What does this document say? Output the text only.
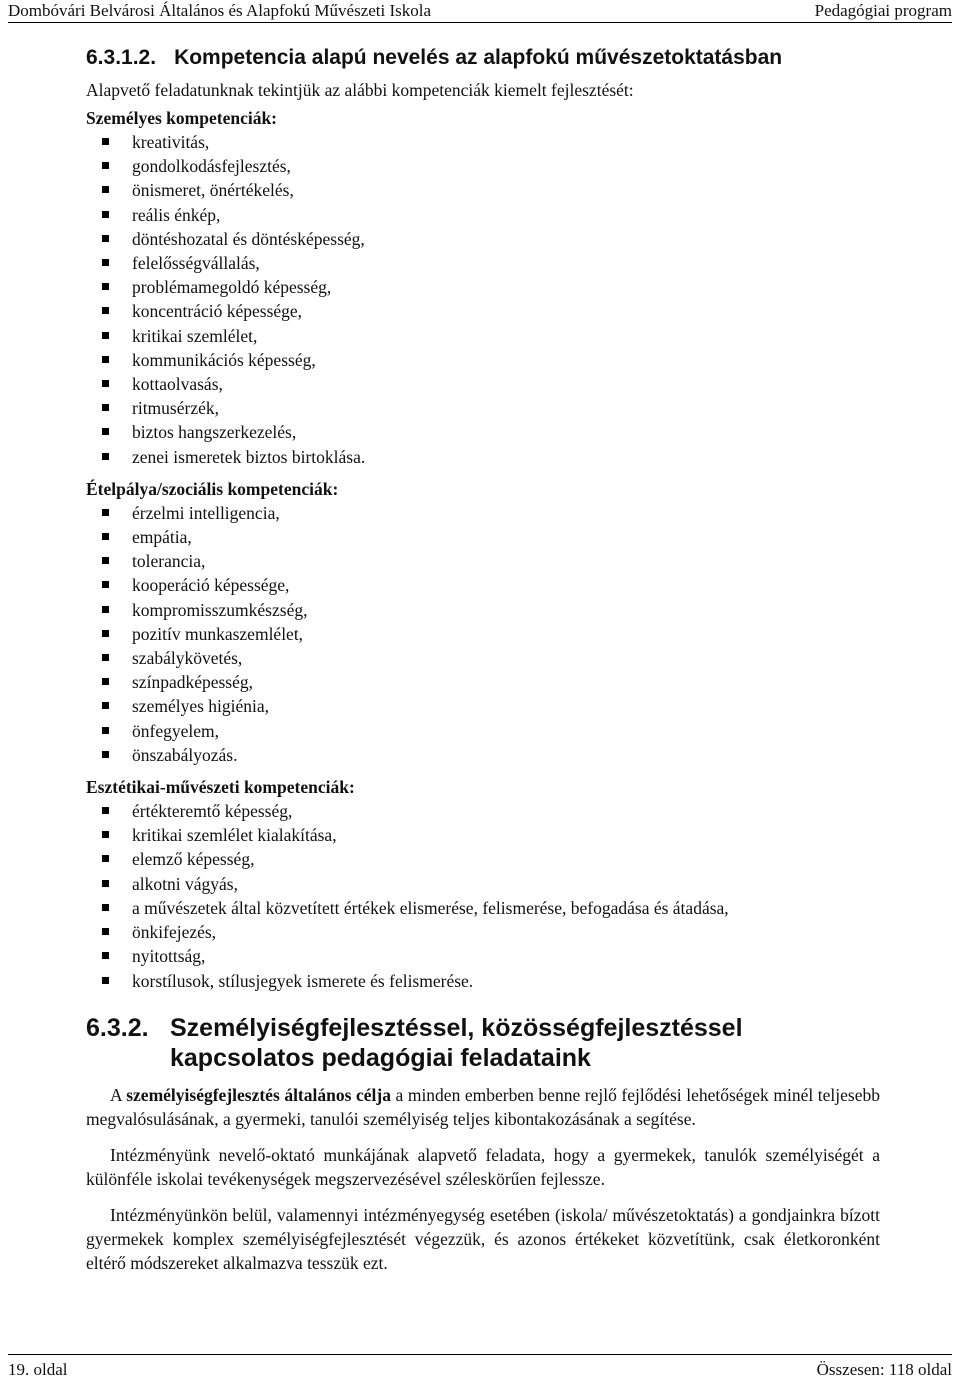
Dombóvári Belvárosi Általános és Alapfokú Művészeti Iskola	Pedagógiai program
6.3.1.2. Kompetencia alapú nevelés az alapfokú művészetoktatásban

Alapvető feladatunknak tekintjük az alábbi kompetenciák kiemelt fejlesztését:

Személyes kompetenciák:
kreativitás,
gondolkodásfejlesztés,
önismeret, önértékelés,
reális énkép,
döntéshozatal és döntésképesség,
felelősségvállalás,
problémamegoldó képesség,
koncentráció képessége,
kritikai szemlélet,
kommunikációs képesség,
kottaolvasás,
ritmusérzék,
biztos hangszerkezelés,
zenei ismeretek biztos birtoklása.
Ételpálya/szociális kompetenciák:
érzelmi intelligencia,
empátia,
tolerancia,
kooperáció képessége,
kompromisszumkészség,
pozitív munkaszemlélet,
szabálykövetés,
színpadképesség,
személyes higiénia,
önfegyelem,
önszabályozás.
Esztétikai-művészeti kompetenciák:
értékteremtő képesség,
kritikai szemlélet kialakítása,
elemző képesség,
alkotni vágyás,
a művészetek által közvetített értékek elismerése, felismerése, befogadása és átadása,
önkifejezés,
nyitottság,
korstílusok, stílusjegyek ismerete és felismerése.
6.3.2. Személyiségfejlesztéssel, közösségfejlesztéssel
kapcsolatos pedagógiai feladataink

A személyiségfejlesztés általános célja a minden emberben benne rejlő fejlődési lehetőségek minél teljesebb megvalósulásának, a gyermeki, tanulói személyiség teljes kibontakozásának a segítése.

Intézményünk nevelő-oktató munkájának alapvető feladata, hogy a gyermekek, tanulók személyiségét a különféle iskolai tevékenységek megszervezésével széleskörűen fejlessze.

Intézményünkön belül, valamennyi intézményegység esetében (iskola/ művészetoktatás) a gondjainkra bízott gyermekek komplex személyiségfejlesztését végezzük, és azonos értékeket közvetítünk, csak életkoronként eltérő módszereket alkalmazva tesszük ezt.

19. oldal	Összesen: 118 oldal
